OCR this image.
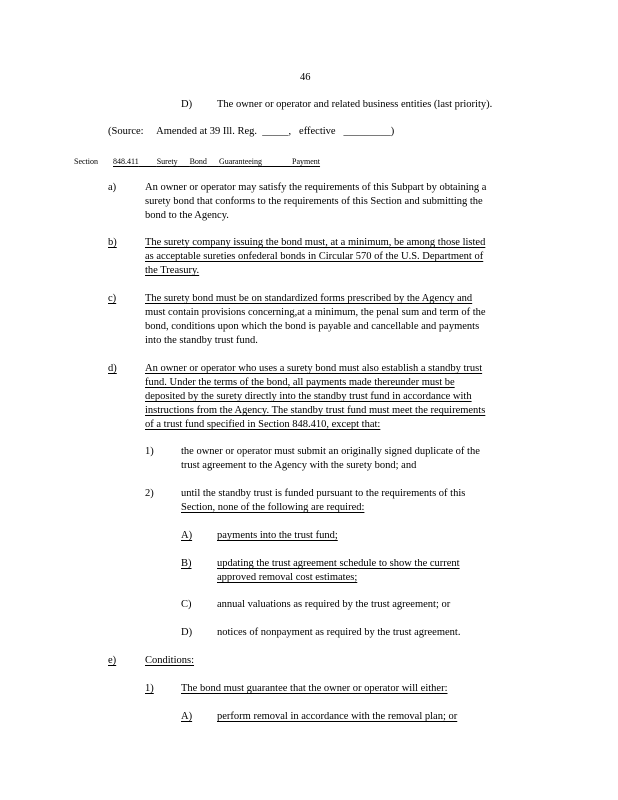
46
D) The owner or operator and related business entities (last priority).
(Source: Amended at 39 Ill. Reg. _____, effective _________)
Section 848.411 Surety Bond Guaranteeing	Payment
a)	An owner or operator may satisfy the requirements of this Subpart by obtaining a
surety bond that conforms to the requirements of this Section and submitting the
bond to the Agency.
b)	The surety company issuing the bond must, at a minimum, be among those listed
as acceptable sureties onfederal bonds in Circular 570 of the U.S. Department of
the Treasury.
c)	The surety bond must be on standardized forms prescribed by the Agency and
must contain provisions concerning,at a minimum, the penal sum and term of the
bond, conditions upon which the bond is payable and cancellable and payments
into the standby trust fund.
d)	An owner or operator who uses a surety bond must also establish a standby trust
fund. Under the terms of the bond, all payments made thereunder must be
deposited by the surety directly into the standby trust fund in accordance with
instructions from the Agency. The standby trust fund must meet the requirements
of a trust fund specified in Section 848.410, except that:
1)	the owner or operator must submit an originally signed duplicate of the
trust agreement to the Agency with the surety bond; and
2)	until the standby trust is funded pursuant to the requirements of this
Section, none of the following are required:
A) payments into the trust fund;
B) updating the trust agreement schedule to show the current
approved removal cost estimates;
C) annual valuations as required by the trust agreement; or
D) notices of nonpayment as required by the trust agreement.
e)	Conditions:
1)	The bond must guarantee that the owner or operator will either:
A) perform removal in accordance with the removal plan; or
